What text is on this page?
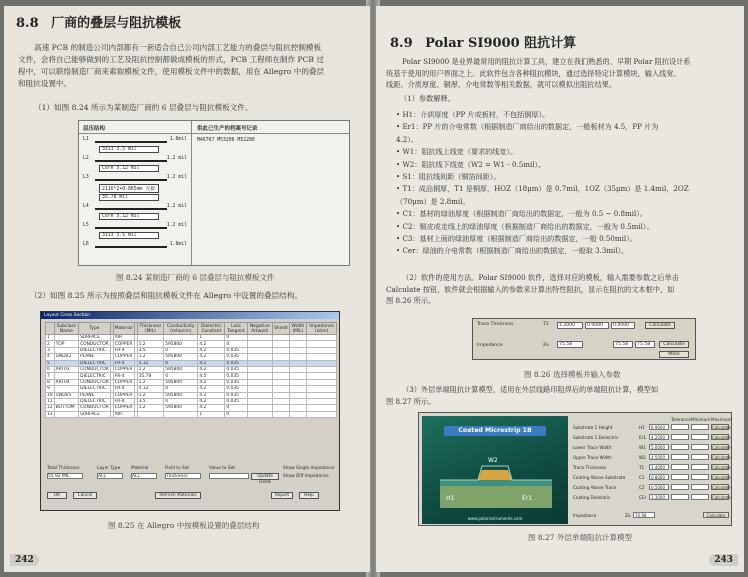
8.8 厂商的叠层与阻抗模板

高速 PCB 的制造公司内部都有一套适合自己公司内部工艺能力的叠层与阻抗控制模板

文件，会将自己能够做到的工艺及阻抗控制都做成模板的形式，PCB 工程师在制作 PCB 过

程中，可以联络制造厂商来索取模板文件，使用模板文件中的数据，用在 Allegro 中的叠层

和阻抗设置中。

（1）如图 8.24 所示为某制造厂商的 6 层叠层与阻抗模板文件。
层压结构	供此已生产的档案号记录
M46707 M53206 M52280
L1	1.6mil
3313 3.5 mil
L2	1.2 mil
Core 5.12 mil
L3	1.2 mil
2116*2+0.865mm 光板
35.78 mil
L4	1.2 mil
Core 5.12 mil
L5	1.2 mil
3313 3.5 mil
L6	1.6mil
图 8.24 某制造厂商的 6 层叠层与阻抗模板文件
（2）如图 8.25 所示为按照叠层和阻抗模板文件在 Allegro 中设置的叠层结构。
Layout Cross Section
	Subclass Name	Type		Material		Thickness (MIL)	Conductivity (mho/cm)	Dielectric Constant	Loss Tangent	Negative Artwork	Shield	Width (MIL)	Impedance (ohm)
1		SURFACE		AIR				1	0				
2	TOP	CONDUCTOR		COPPER		1.2	595800	4.2	0				
3		DIELECTRIC		FR-4		3.5	0	4.2	0.035				
4	GND02	PLANE		COPPER		1.2	595800	4.2	0.035				
5		DIELECTRIC		FR-4		5.12	0	4.2	0.035				
6	ART03	CONDUCTOR		COPPER		1.2	595800	4.2	0.035				
7		DIELECTRIC		FR-4		35.78	0	4.5	0.035				
8	ART04	CONDUCTOR		COPPER		1.2	595800	4.2	0.035				
9		DIELECTRIC		FR-4		5.12	0	4.2	0.035				
10	GND05	PLANE		COPPER		1.2	595800	4.2	0.035				
11		DIELECTRIC		FR-4		3.5	0	4.2	0.035				
12	BOTTOM	CONDUCTOR		COPPER		1.2	595800	4.2	0				
13		SURFACE		AIR				1	0				
Total Thickness
55.92 MIL
Layer Type
ALL
Material
ALL
Field to Set
Thickness
Value to Set	Show Single Impedance
Show Diff Impedance
Update Fields
OK	Cancel	Refresh Materials	Report	Help
图 8.25 在 Allegro 中按模板设置的叠层结构
242
8.9 Polar SI9000 阻抗计算

Polar SI9000 是业界最常用的阻抗计算工具，建立在我们熟悉的、早期 Polar 阻抗设计系

统基于使用的用户界面之上。此软件包含各种阻抗模块，通过选择特定计算模块，输入线宽、

线距、介质厚度、铜厚、介电常数等相关数据，就可以模拟出阻抗结果。

（1）参数解释。

• H1：介质厚度（PP 片或板材，不包括铜厚）。

• Er1：PP 片的介电常数（根据制造厂商给出的数据定，一般板材为 4.5，PP 片为

4.2）。

• W1：阻抗线上线宽（要求的线宽）。

• W2：阻抗线下线宽（W2 = W1 - 0.5mil）。

• S1：阻抗线间距（铜箔间距）。

• T1：成品铜厚，T1 是铜厚，HOZ（18μm）是 0.7mil，1OZ（35μm）是 1.4mil，2OZ

（70μm）是 2.8mil。

• C1：基材的绿油厚度（根据制造厂商给出的数据定，一般为 0.5 ~ 0.8mil）。

• C2：铜皮或走线上的绿油厚度（根据制造厂商给出的数据定，一般为 0.5mil）。

• C3：基材上面的绿油厚度（根据制造厂商给出的数据定，一般 0.50mil）。

• Cer：绿油的介电常数（根据制造厂商给出的数据定，一般取 3.3mil）。

（2）软件的使用方法。Polar SI9000 软件，选择对应的模板，输入需要参数之后单击

Calculate 按钮，软件就会根据输入的参数来计算出特性阻抗，显示在阻抗的文本框中，如

图 8.26 所示。

Trace Thickness	T1	1.2000	0.0000	0.0000	Calculate
Impedance	Zo	75.58	75.58	75.58	Calculate
More
图 8.26 选择模板并输入参数

（3）外层单端阻抗计算模型，适用在外层线路印阻焊后的单端阻抗计算，模型如

图 8.27 所示。

Coated Microstrip 1B
H1	Er1
W2
www.polarinstruments.com
Tolerance Minimum Maximum
Substrate 1 Height	H1	6.9000	Calculate
Substrate 1 Dielectric	Er1	4.2000	Calculate
Lower Trace Width	W1	5.0000	Calculate
Upper Trace Width	W2	4.5000	Calculate
Trace Thickness	T1	1.4000	Calculate
Coating Above Substrate	C1	0.8000	Calculate
Coating Above Trace	C2	0.5000	Calculate
Coating Dielectric	CEr	3.3000	Calculate
Impedance	Zo	70.98	Calculate
图 8.27 外层单端阻抗计算模型
243
